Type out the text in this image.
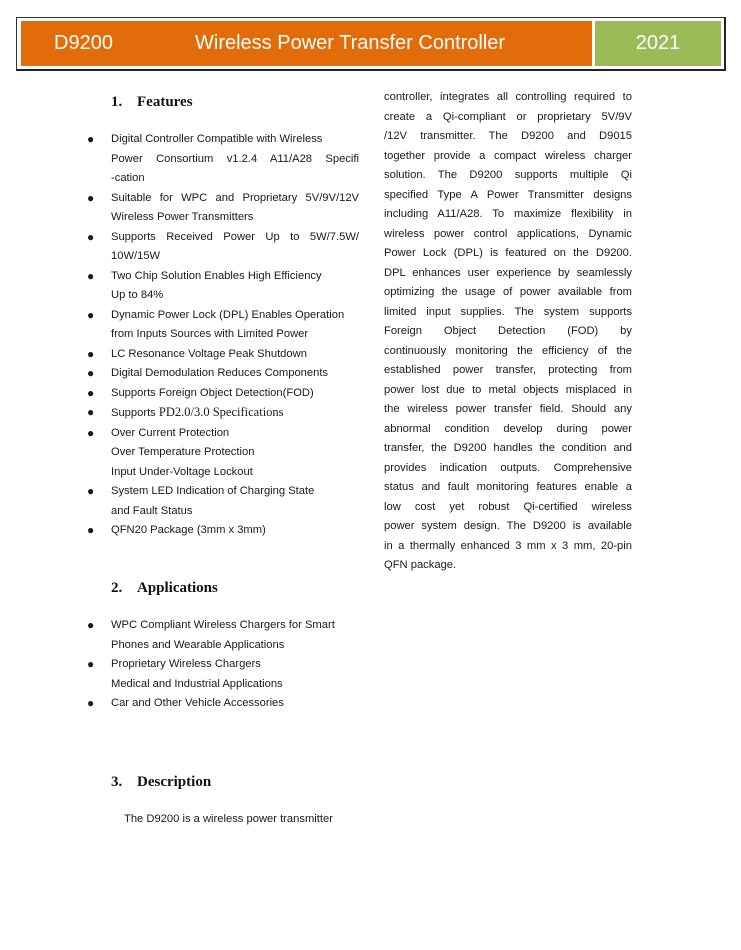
D9200	Wireless Power Transfer Controller	2021
1. Features
● Digital Controller Compatible with Wireless
Power Consortium v1.2.4 A11/A28 Specifi
-cation
● Suitable for WPC and Proprietary 5V/9V/12V
Wireless Power Transmitters
● Supports Received Power Up to 5W/7.5W/
10W/15W
● Two Chip Solution Enables High Efficiency
Up to 84%
● Dynamic Power Lock (DPL) Enables Operation
from Inputs Sources with Limited Power
● LC Resonance Voltage Peak Shutdown
● Digital Demodulation Reduces Components
● Supports Foreign Object Detection(FOD)
● Supports PD2.0/3.0 Specifications
● Over Current Protection
Over Temperature Protection
Input Under-Voltage Lockout
● System LED Indication of Charging State
and Fault Status
● QFN20 Package (3mm x 3mm)
2. Applications
● WPC Compliant Wireless Chargers for Smart
Phones and Wearable Applications
● Proprietary Wireless Chargers
Medical and Industrial Applications
● Car and Other Vehicle Accessories
3. Description
The D9200 is a wireless power transmitter
controller, integrates all controlling required to
create a Qi-compliant or proprietary 5V/9V
/12V transmitter. The D9200 and D9015
together provide a compact wireless charger
solution. The D9200 supports multiple Qi
specified Type A Power Transmitter designs
including A11/A28. To maximize flexibility in
wireless power control applications, Dynamic
Power Lock (DPL) is featured on the D9200.
DPL enhances user experience by seamlessly
optimizing the usage of power available from
limited input supplies. The system supports
Foreign Object Detection (FOD) by
continuously monitoring the efficiency of the
established power transfer, protecting from
power lost due to metal objects misplaced in
the wireless power transfer field. Should any
abnormal condition develop during power
transfer, the D9200 handles the condition and
provides indication outputs. Comprehensive
status and fault monitoring features enable a
low cost yet robust Qi-certified wireless
power system design. The D9200 is available
in a thermally enhanced 3 mm x 3 mm, 20-pin
QFN package.
